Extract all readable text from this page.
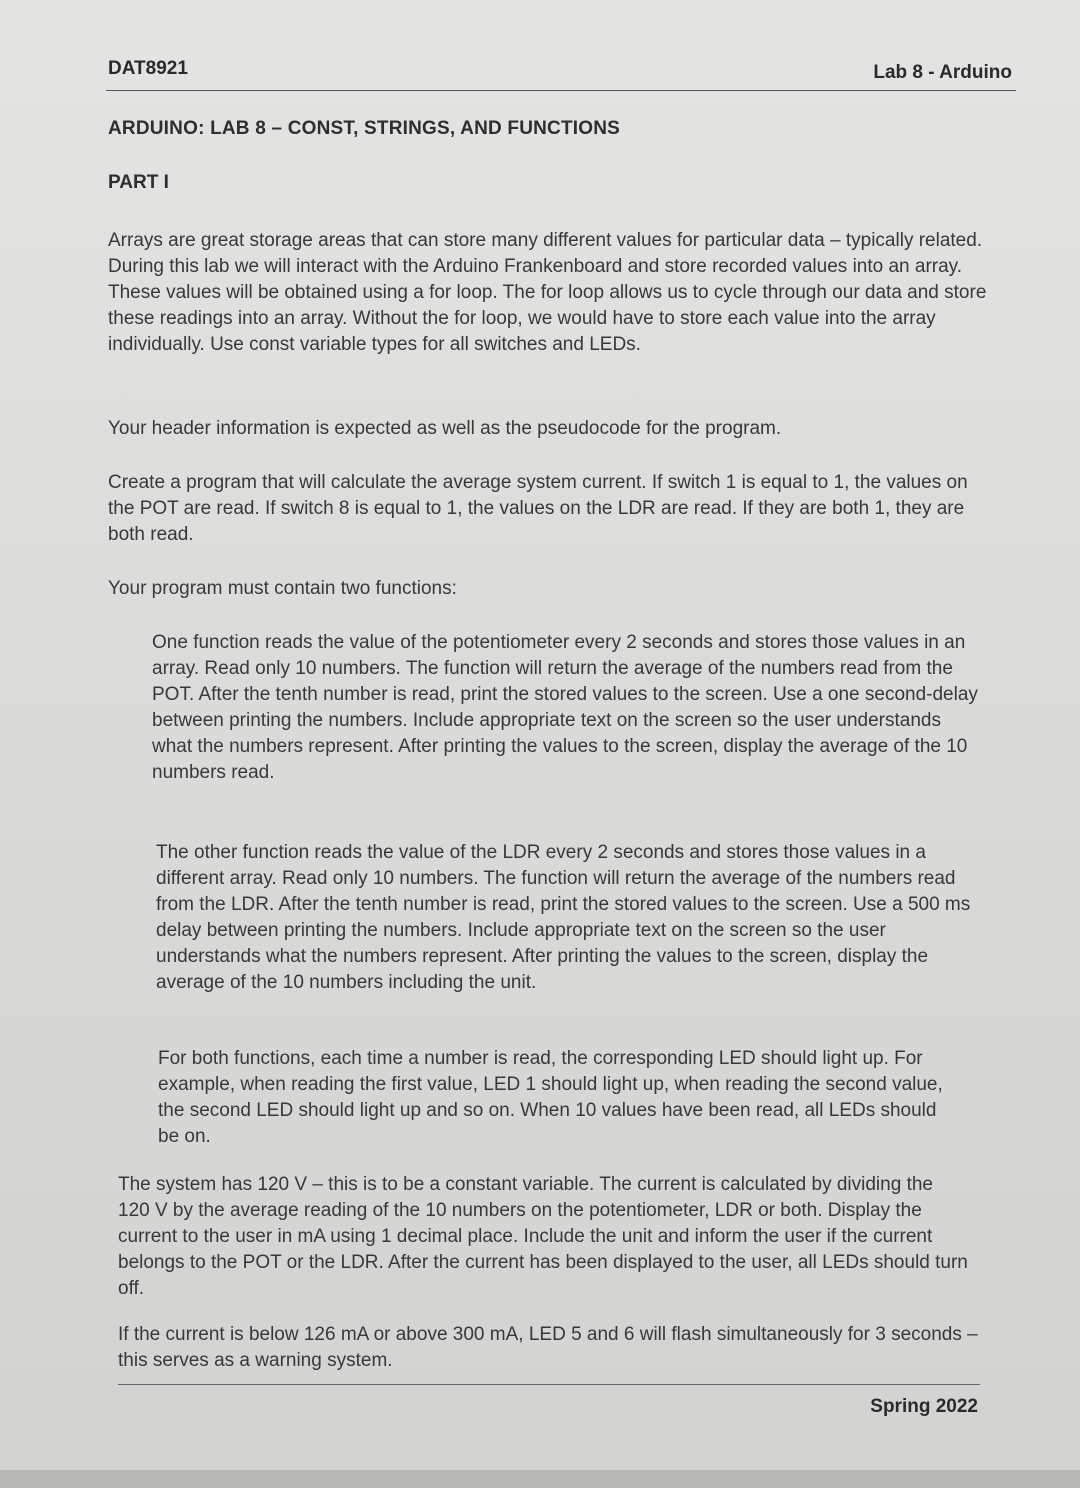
DAT8921	Lab 8 - Arduino
ARDUINO: LAB 8 – CONST, STRINGS, AND FUNCTIONS
PART I

Arrays are great storage areas that can store many different values for particular data – typically related. During this lab we will interact with the Arduino Frankenboard and store recorded values into an array. These values will be obtained using a for loop. The for loop allows us to cycle through our data and store these readings into an array. Without the for loop, we would have to store each value into the array individually. Use const variable types for all switches and LEDs.

Your header information is expected as well as the pseudocode for the program.

Create a program that will calculate the average system current. If switch 1 is equal to 1, the values on the POT are read. If switch 8 is equal to 1, the values on the LDR are read. If they are both 1, they are both read.

Your program must contain two functions:

One function reads the value of the potentiometer every 2 seconds and stores those values in an array. Read only 10 numbers. The function will return the average of the numbers read from the POT. After the tenth number is read, print the stored values to the screen. Use a one second-delay between printing the numbers. Include appropriate text on the screen so the user understands what the numbers represent. After printing the values to the screen, display the average of the 10 numbers read.

The other function reads the value of the LDR every 2 seconds and stores those values in a different array. Read only 10 numbers. The function will return the average of the numbers read from the LDR. After the tenth number is read, print the stored values to the screen. Use a 500 ms delay between printing the numbers. Include appropriate text on the screen so the user understands what the numbers represent. After printing the values to the screen, display the average of the 10 numbers including the unit.

For both functions, each time a number is read, the corresponding LED should light up. For example, when reading the first value, LED 1 should light up, when reading the second value, the second LED should light up and so on. When 10 values have been read, all LEDs should be on.

The system has 120 V – this is to be a constant variable. The current is calculated by dividing the 120 V by the average reading of the 10 numbers on the potentiometer, LDR or both. Display the current to the user in mA using 1 decimal place. Include the unit and inform the user if the current belongs to the POT or the LDR. After the current has been displayed to the user, all LEDs should turn off.

If the current is below 126 mA or above 300 mA, LED 5 and 6 will flash simultaneously for 3 seconds – this serves as a warning system.

Spring 2022
